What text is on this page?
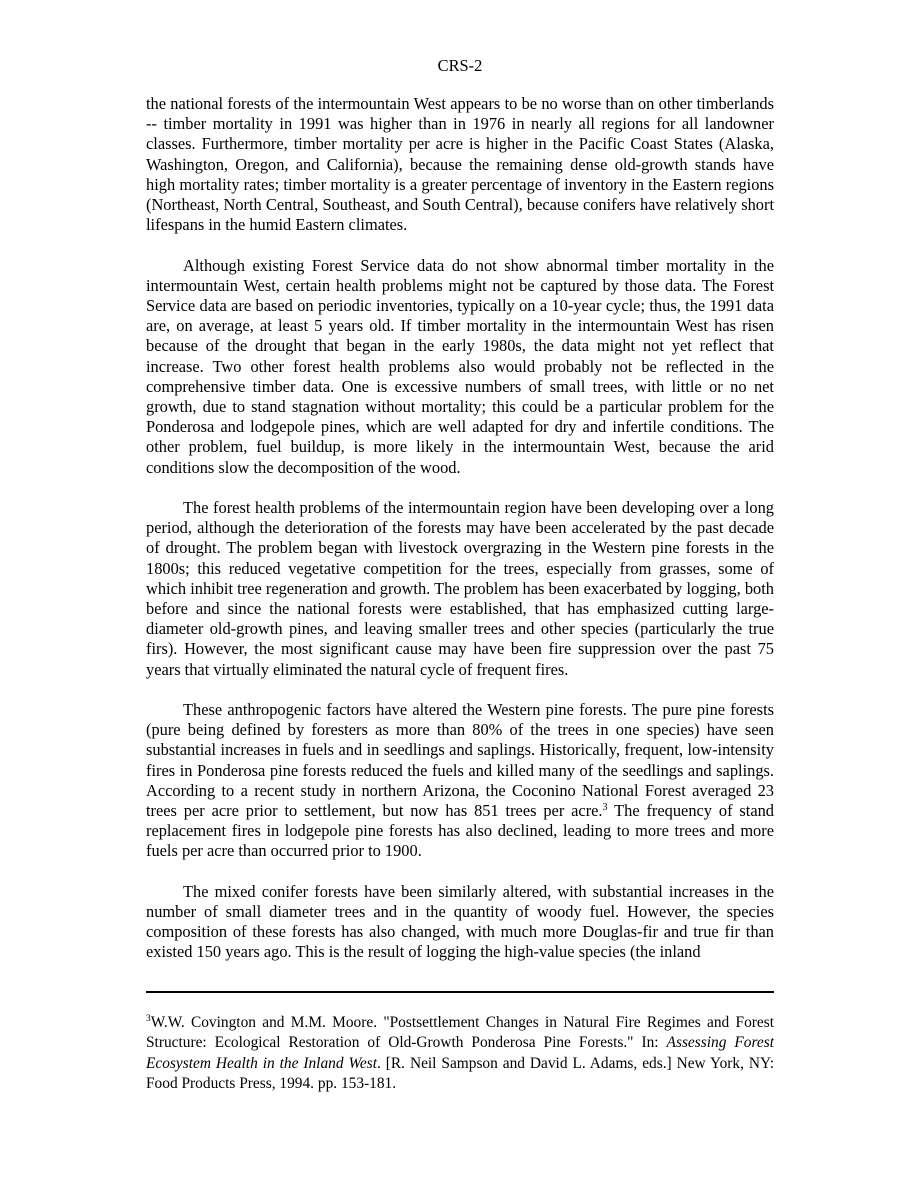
CRS-2

the national forests of the intermountain West appears to be no worse than on other timberlands -- timber mortality in 1991 was higher than in 1976 in nearly all regions for all landowner classes. Furthermore, timber mortality per acre is higher in the Pacific Coast States (Alaska, Washington, Oregon, and California), because the remaining dense old-growth stands have high mortality rates; timber mortality is a greater percentage of inventory in the Eastern regions (Northeast, North Central, Southeast, and South Central), because conifers have relatively short lifespans in the humid Eastern climates.

Although existing Forest Service data do not show abnormal timber mortality in the intermountain West, certain health problems might not be captured by those data. The Forest Service data are based on periodic inventories, typically on a 10-year cycle; thus, the 1991 data are, on average, at least 5 years old. If timber mortality in the intermountain West has risen because of the drought that began in the early 1980s, the data might not yet reflect that increase. Two other forest health problems also would probably not be reflected in the comprehensive timber data. One is excessive numbers of small trees, with little or no net growth, due to stand stagnation without mortality; this could be a particular problem for the Ponderosa and lodgepole pines, which are well adapted for dry and infertile conditions. The other problem, fuel buildup, is more likely in the intermountain West, because the arid conditions slow the decomposition of the wood.

The forest health problems of the intermountain region have been developing over a long period, although the deterioration of the forests may have been accelerated by the past decade of drought. The problem began with livestock overgrazing in the Western pine forests in the 1800s; this reduced vegetative competition for the trees, especially from grasses, some of which inhibit tree regeneration and growth. The problem has been exacerbated by logging, both before and since the national forests were established, that has emphasized cutting large-diameter old-growth pines, and leaving smaller trees and other species (particularly the true firs). However, the most significant cause may have been fire suppression over the past 75 years that virtually eliminated the natural cycle of frequent fires.

These anthropogenic factors have altered the Western pine forests. The pure pine forests (pure being defined by foresters as more than 80% of the trees in one species) have seen substantial increases in fuels and in seedlings and saplings. Historically, frequent, low-intensity fires in Ponderosa pine forests reduced the fuels and killed many of the seedlings and saplings. According to a recent study in northern Arizona, the Coconino National Forest averaged 23 trees per acre prior to settlement, but now has 851 trees per acre.$^3$ The frequency of stand replacement fires in lodgepole pine forests has also declined, leading to more trees and more fuels per acre than occurred prior to 1900.

The mixed conifer forests have been similarly altered, with substantial increases in the number of small diameter trees and in the quantity of woody fuel. However, the species composition of these forests has also changed, with much more Douglas-fir and true fir than existed 150 years ago. This is the result of logging the high-value species (the inland

$^3$W.W. Covington and M.M. Moore. "Postsettlement Changes in Natural Fire Regimes and Forest Structure: Ecological Restoration of Old-Growth Ponderosa Pine Forests." In: Assessing Forest Ecosystem Health in the Inland West. [R. Neil Sampson and David L. Adams, eds.] New York, NY: Food Products Press, 1994. pp. 153-181.
